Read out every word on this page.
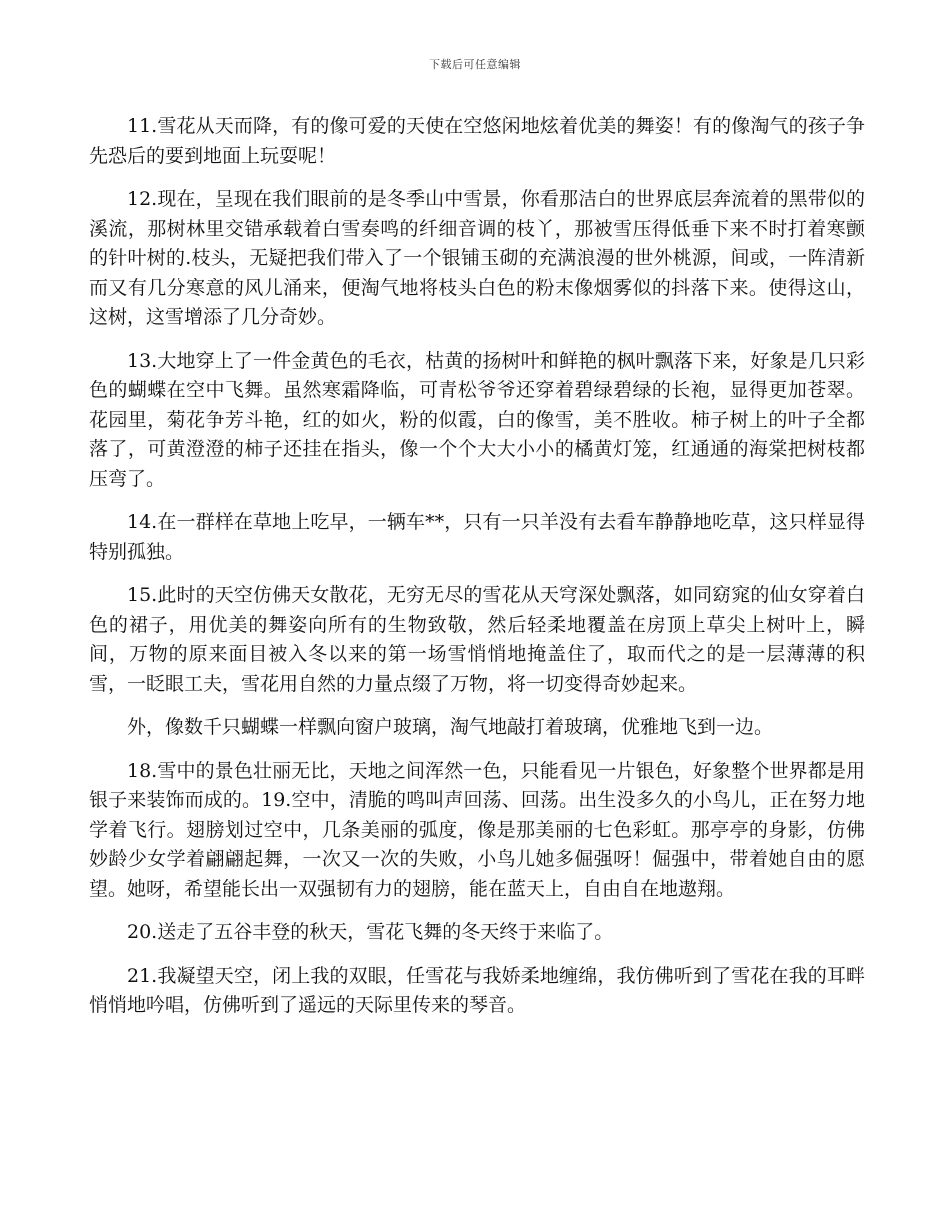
下载后可任意编辑

11.雪花从天而降，有的像可爱的天使在空悠闲地炫着优美的舞姿！有的像淘气的孩子争先恐后的要到地面上玩耍呢！

12.现在，呈现在我们眼前的是冬季山中雪景，你看那洁白的世界底层奔流着的黑带似的溪流，那树林里交错承载着白雪奏鸣的纤细音调的枝丫，那被雪压得低垂下来不时打着寒颤的针叶树的.枝头，无疑把我们带入了一个银铺玉砌的充满浪漫的世外桃源，间或，一阵清新而又有几分寒意的风儿涌来，便淘气地将枝头白色的粉末像烟雾似的抖落下来。使得这山，这树，这雪增添了几分奇妙。

13.大地穿上了一件金黄色的毛衣，枯黄的扬树叶和鲜艳的枫叶飘落下来，好象是几只彩色的蝴蝶在空中飞舞。虽然寒霜降临，可青松爷爷还穿着碧绿碧绿的长袍，显得更加苍翠。花园里，菊花争芳斗艳，红的如火，粉的似霞，白的像雪，美不胜收。柿子树上的叶子全都落了，可黄澄澄的柿子还挂在指头，像一个个大大小小的橘黄灯笼，红通通的海棠把树枝都压弯了。

14.在一群样在草地上吃早，一辆车**，只有一只羊没有去看车静静地吃草，这只样显得特别孤独。

15.此时的天空仿佛天女散花，无穷无尽的雪花从天穹深处飘落，如同窈窕的仙女穿着白色的裙子，用优美的舞姿向所有的生物致敬，然后轻柔地覆盖在房顶上草尖上树叶上，瞬间，万物的原来面目被入冬以来的第一场雪悄悄地掩盖住了，取而代之的是一层薄薄的积雪，一眨眼工夫，雪花用自然的力量点缀了万物，将一切变得奇妙起来。

外，像数千只蝴蝶一样飘向窗户玻璃，淘气地敲打着玻璃，优雅地飞到一边。

18.雪中的景色壮丽无比，天地之间浑然一色，只能看见一片银色，好象整个世界都是用银子来装饰而成的。19.空中，清脆的鸣叫声回荡、回荡。出生没多久的小鸟儿，正在努力地学着飞行。翅膀划过空中，几条美丽的弧度，像是那美丽的七色彩虹。那亭亭的身影，仿佛妙龄少女学着翩翩起舞，一次又一次的失败，小鸟儿她多倔强呀！倔强中，带着她自由的愿望。她呀，希望能长出一双强韧有力的翅膀，能在蓝天上，自由自在地遨翔。

20.送走了五谷丰登的秋天，雪花飞舞的冬天终于来临了。

21.我凝望天空，闭上我的双眼，任雪花与我娇柔地缠绵，我仿佛听到了雪花在我的耳畔悄悄地吟唱，仿佛听到了遥远的天际里传来的琴音。
